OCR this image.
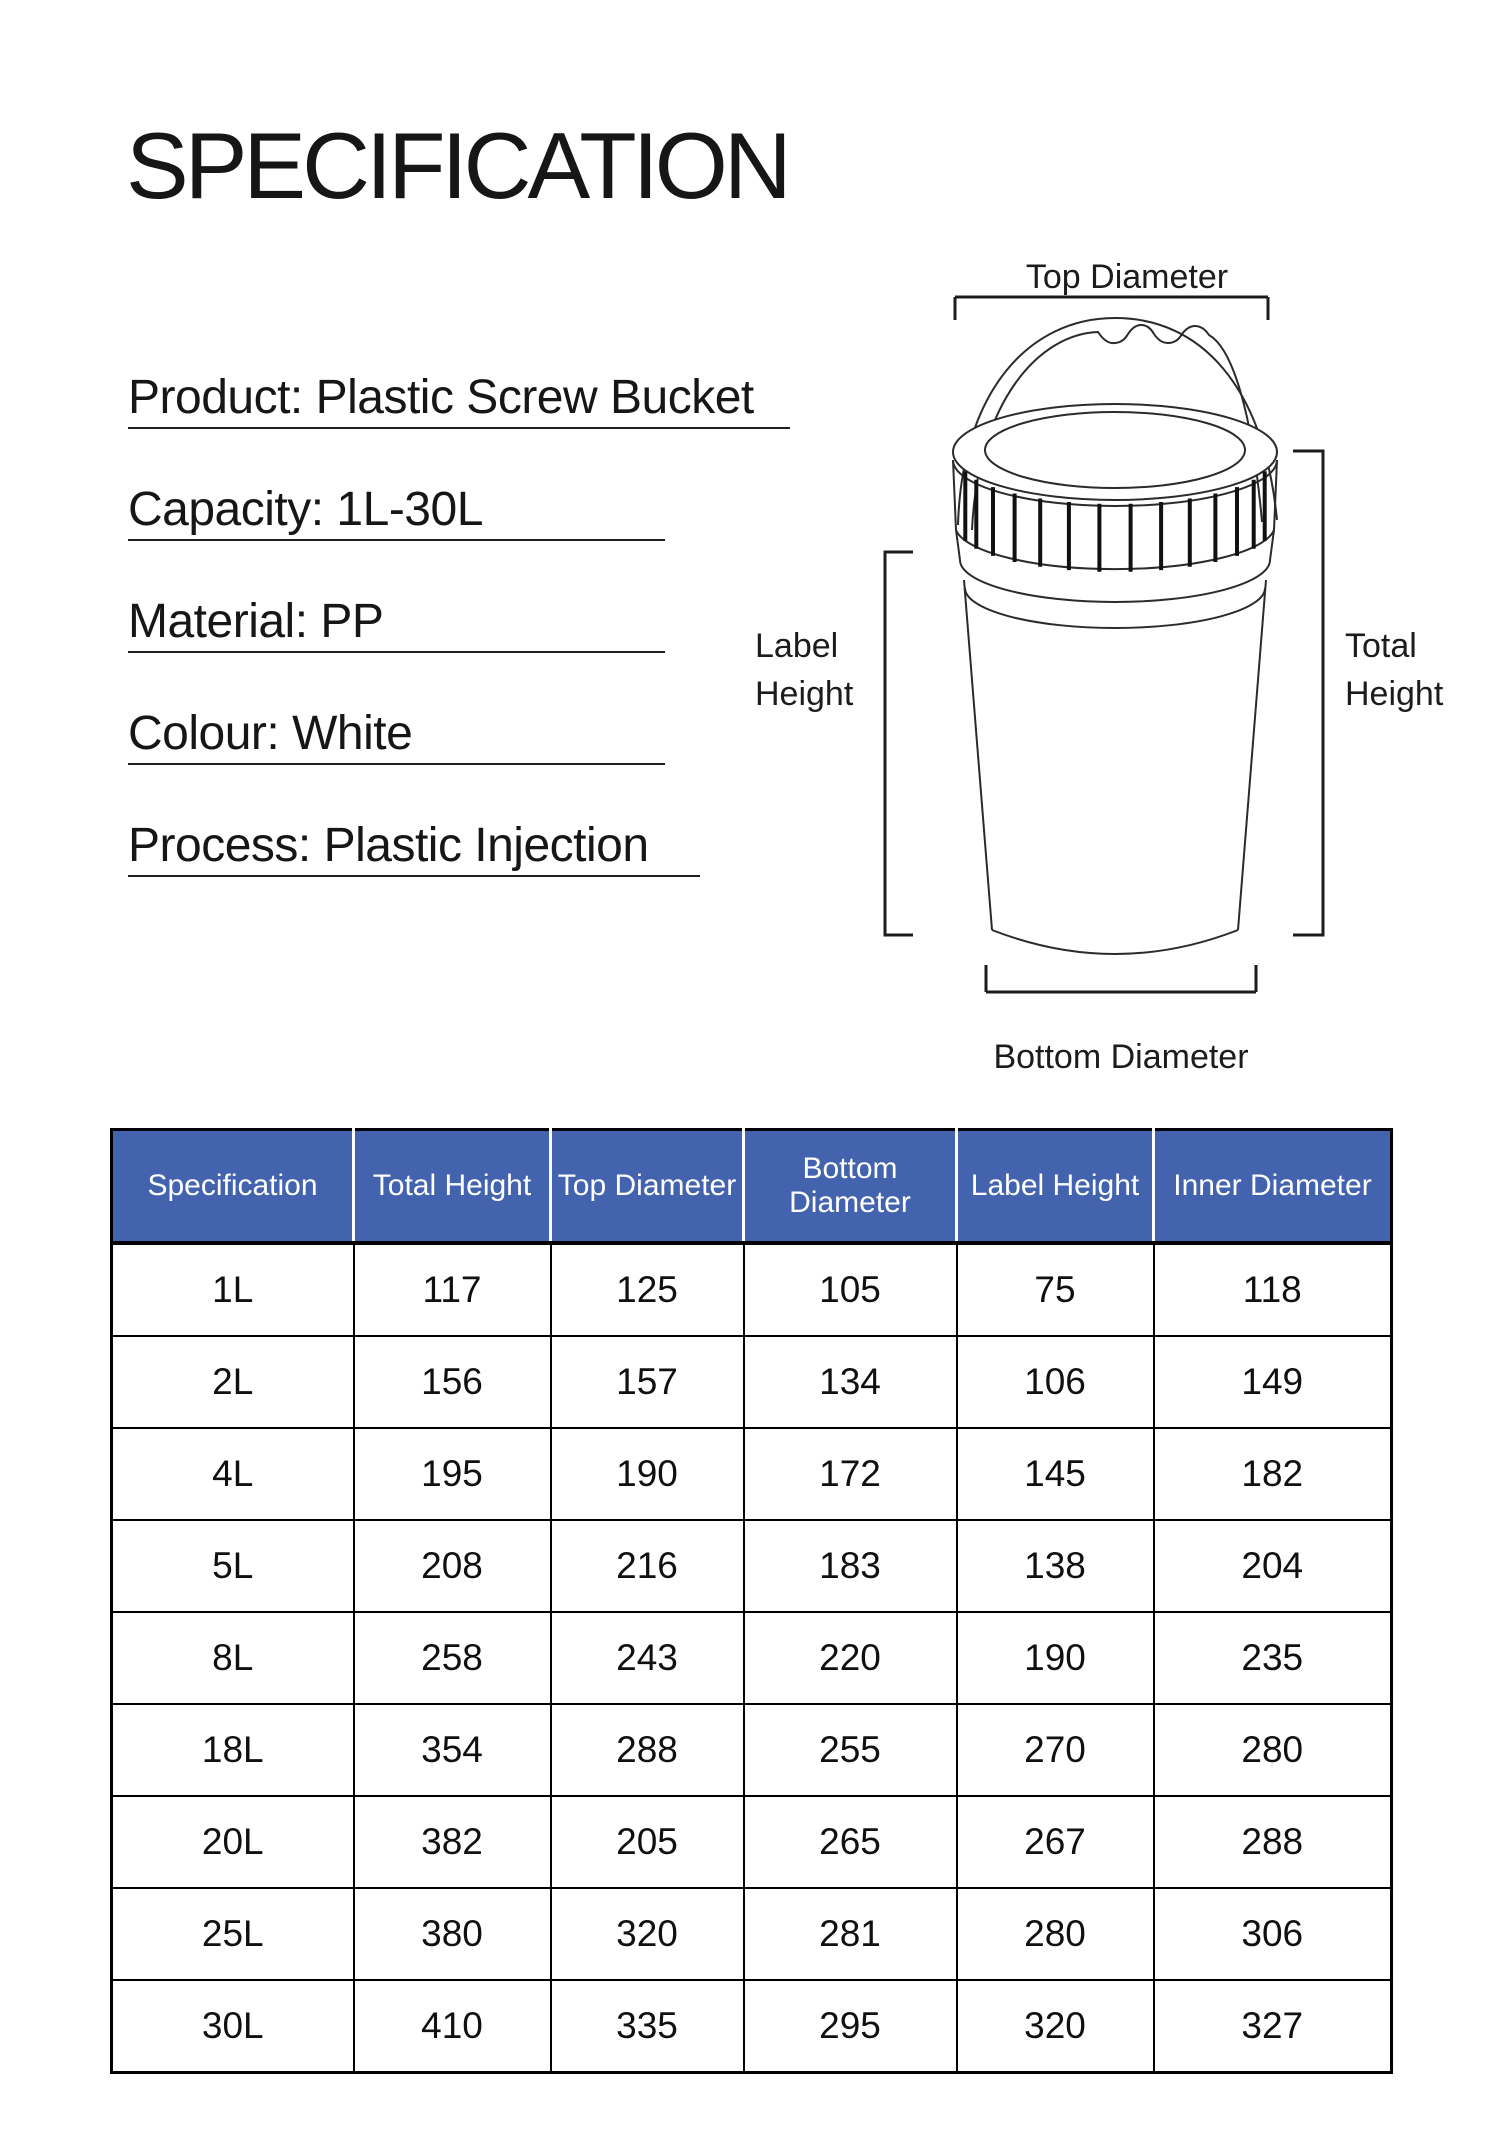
SPECIFICATION
Product: Plastic Screw Bucket
Capacity: 1L-30L
Material: PP
Colour: White
Process: Plastic Injection
Top Diameter
Label
Height
Total
Height
Bottom Diameter
Specification	Total Height	Top Diameter	Bottom Diameter	Label Height	Inner Diameter
1L	117	125	105	75	118
2L	156	157	134	106	149
4L	195	190	172	145	182
5L	208	216	183	138	204
8L	258	243	220	190	235
18L	354	288	255	270	280
20L	382	205	265	267	288
25L	380	320	281	280	306
30L	410	335	295	320	327
